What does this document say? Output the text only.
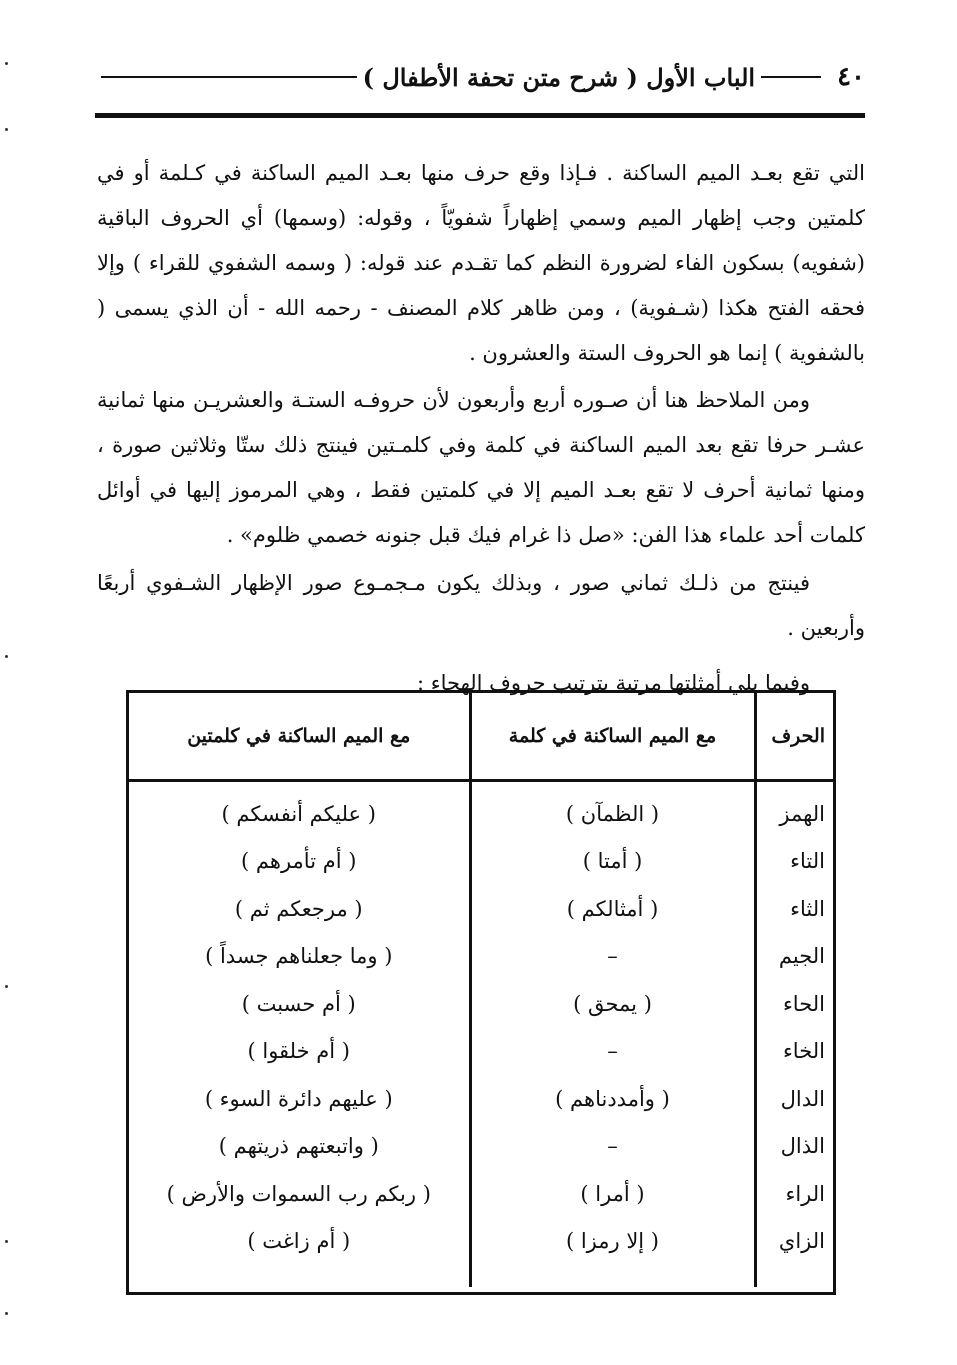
٤٠
الباب الأول ( شرح متن تحفة الأطفال )

التي تقع بعـد الميم الساكنة . فـإذا وقع حرف منها بعـد الميم الساكنة في كـلمة أو في كلمتين وجب إظهار الميم وسمي إظهاراً شفويّاً ، وقوله: (وسمها) أي الحروف الباقية (شفويه) بسكون الفاء لضرورة النظم كما تقـدم عند قوله: ( وسمه الشفوي للقراء ) وإلا فحقه الفتح هكذا (شـفوية) ، ومن ظاهر كلام المصنف - رحمه الله - أن الذي يسمى ( بالشفوية ) إنما هو الحروف الستة والعشرون .

ومن الملاحظ هنا أن صـوره أربع وأربعون لأن حروفـه الستـة والعشريـن منها ثمانية عشـر حرفا تقع بعد الميم الساكنة في كلمة وفي كلمـتين فينتج ذلك ستّا وثلاثين صورة ، ومنها ثمانية أحرف لا تقع بعـد الميم إلا في كلمتين فقط ، وهي المرموز إليها في أوائل كلمات أحد علماء هذا الفن: «صل ذا غرام فيك قبل جنونه خصمي ظلوم» .

فينتج من ذلـك ثماني صور ، وبذلك يكون مـجمـوع صور الإظهار الشـفوي أربعًا وأربعين .

وفيما يلي أمثلتها مرتبة بترتيب حروف الهجاء :

الحرف	مع الميم الساكنة في كلمة	مع الميم الساكنة في كلمتين
الهمز	( الظمآن )	( عليكم أنفسكم )
التاء	( أمتا )	( أم تأمرهم )
الثاء	( أمثالكم )	( مرجعكم ثم )
الجيم	–	( وما جعلناهم جسداً )
الحاء	( يمحق )	( أم حسبت )
الخاء	–	( أم خلقوا )
الدال	( وأمددناهم )	( عليهم دائرة السوء )
الذال	–	( واتبعتهم ذريتهم )
الراء	( أمرا )	( ربكم رب السموات والأرض )
الزاي	( إلا رمزا )	( أم زاغت )
